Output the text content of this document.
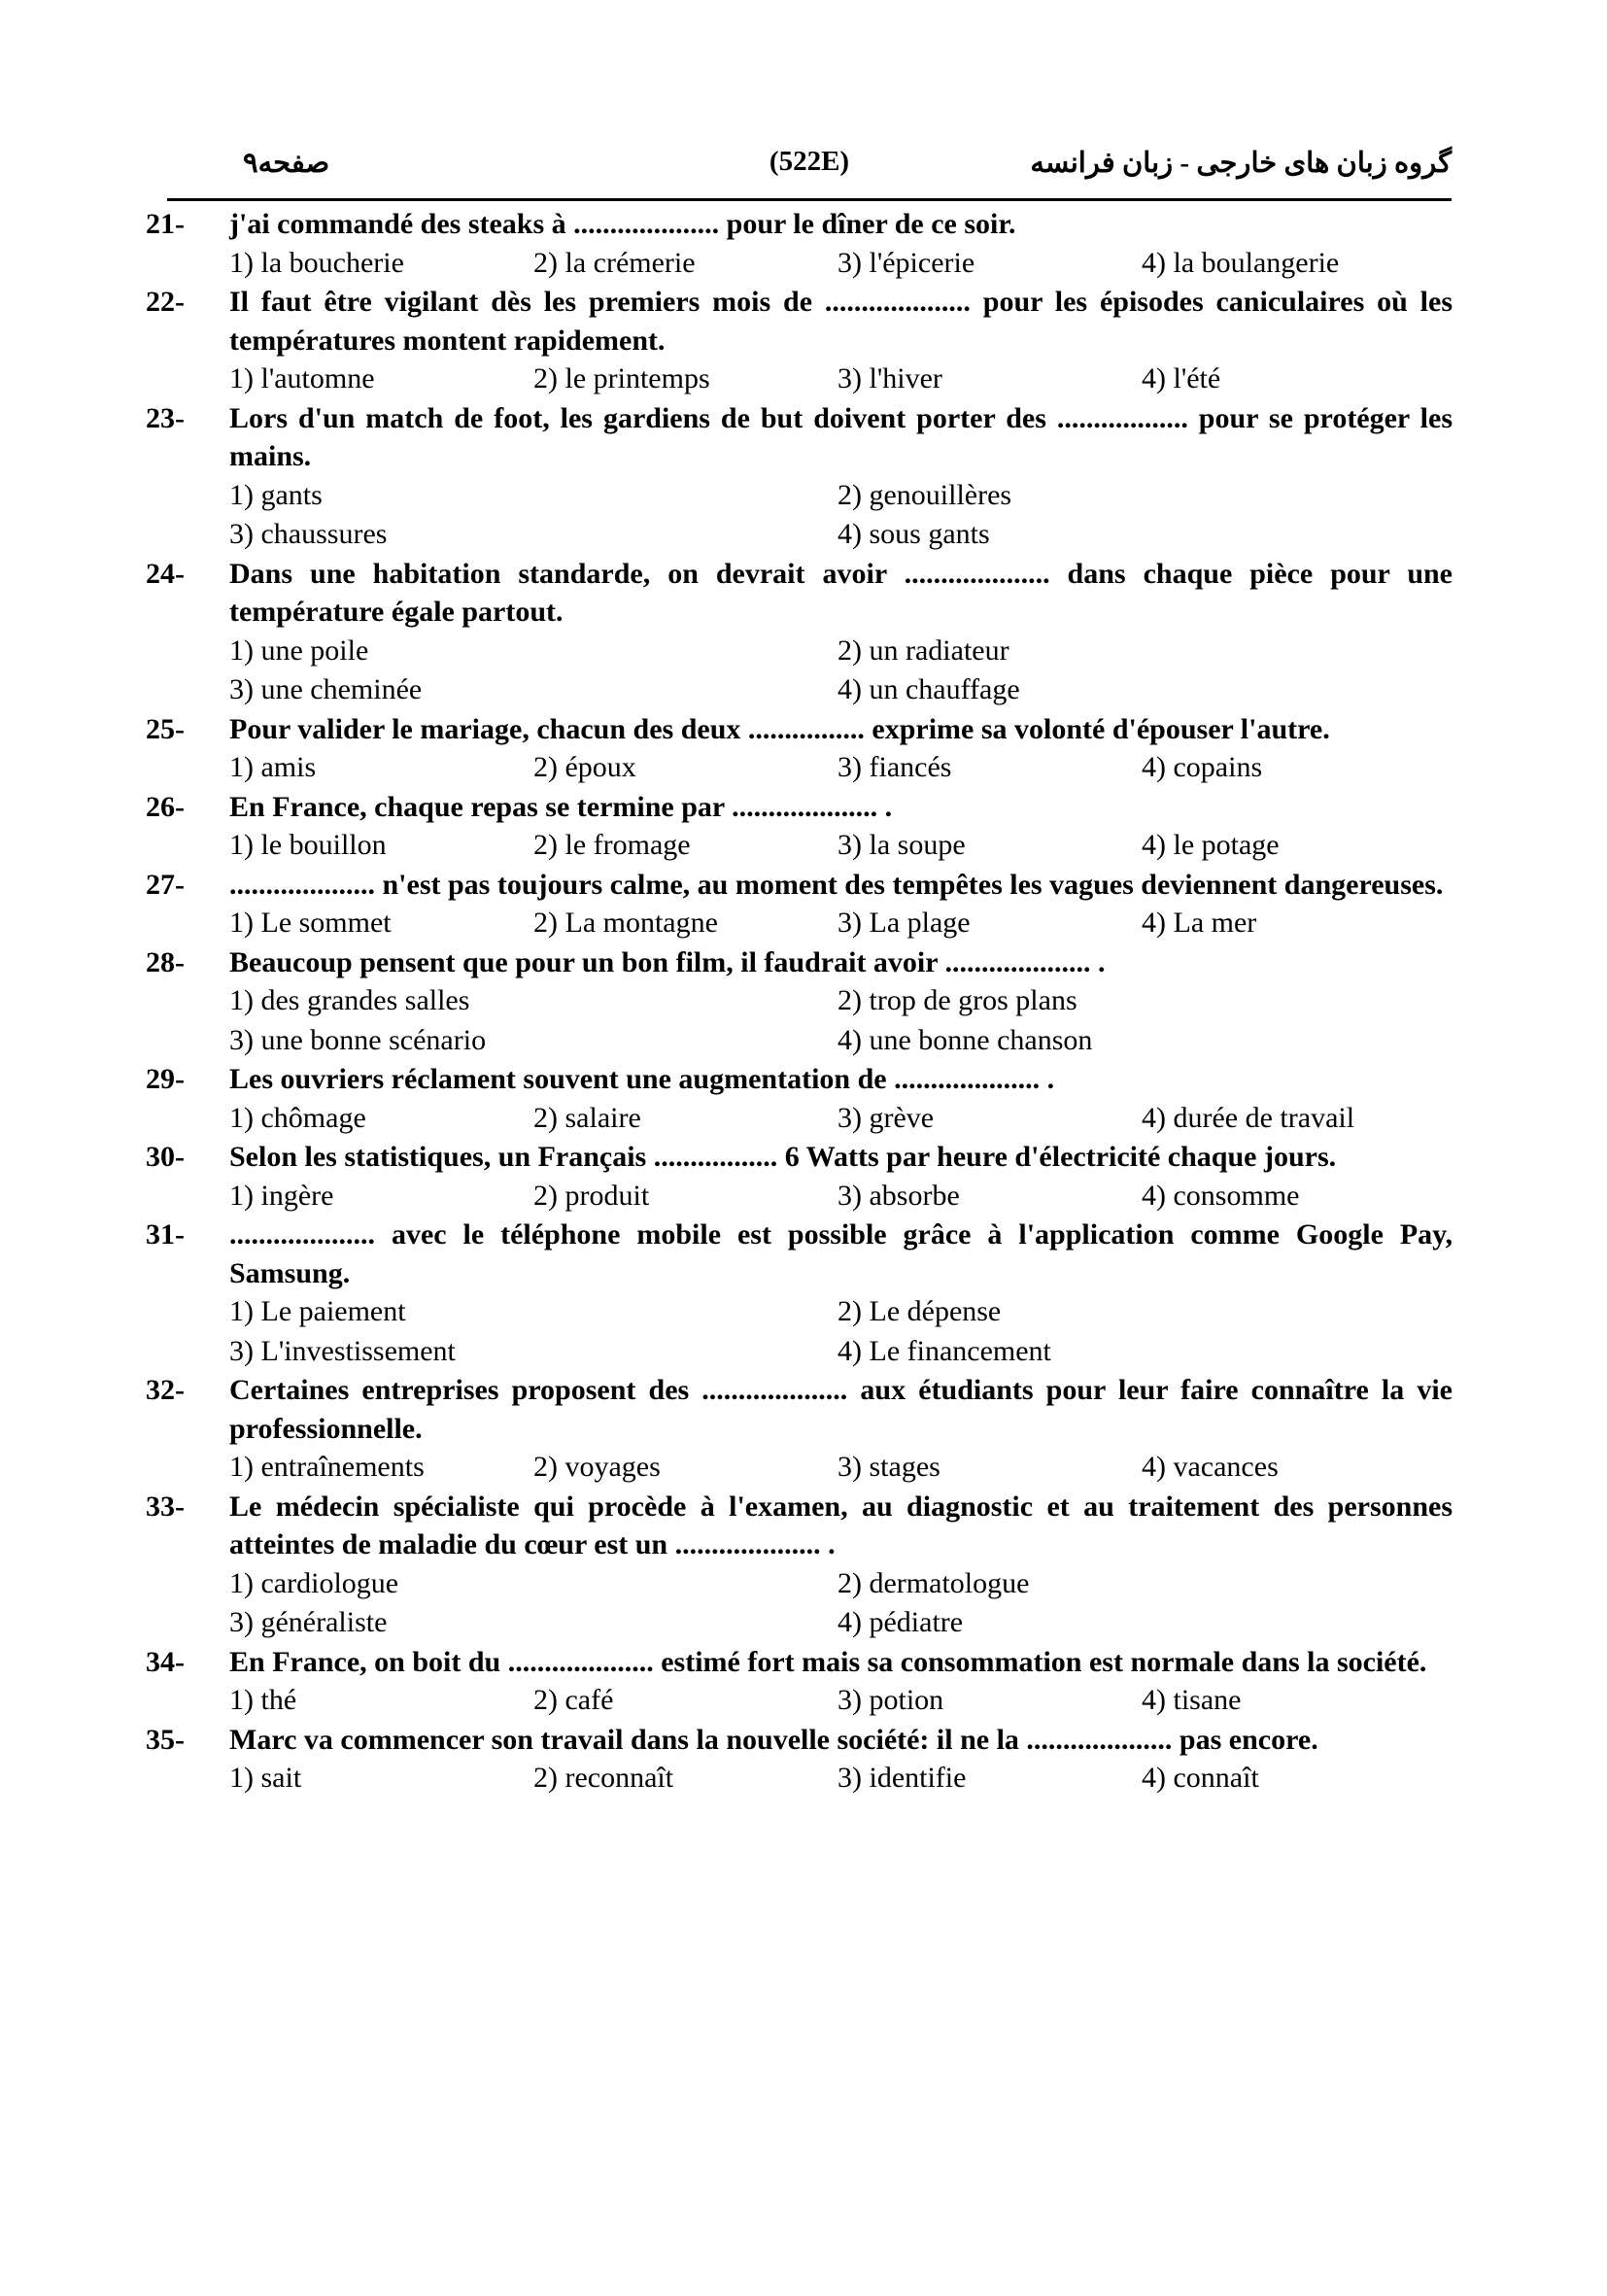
صفحه۹	(522E)	گروه زبان های خارجی - زبان فرانسه
21-	j'ai commandé des steaks à .................... pour le dîner de ce soir.
1) la boucherie	2) la crémerie	3) l'épicerie	4) la boulangerie
22-	Il faut être vigilant dès les premiers mois de .................... pour les épisodes caniculaires où les températures montent rapidement.
1) l'automne	2) le printemps	3) l'hiver	4) l'été
23-	Lors d'un match de foot, les gardiens de but doivent porter des .................. pour se protéger les mains.
1) gants	2) genouillères
3) chaussures	4) sous gants
24-	Dans une habitation standarde, on devrait avoir .................... dans chaque pièce pour une température égale partout.
1) une poile	2) un radiateur
3) une cheminée	4) un chauffage
25-	Pour valider le mariage, chacun des deux ................ exprime sa volonté d'épouser l'autre.
1) amis	2) époux	3) fiancés	4) copains
26-	En France, chaque repas se termine par .................... .
1) le bouillon	2) le fromage	3) la soupe	4) le potage
27-	.................... n'est pas toujours calme, au moment des tempêtes les vagues deviennent dangereuses.
1) Le sommet	2) La montagne	3) La plage	4) La mer
28-	Beaucoup pensent que pour un bon film, il faudrait avoir .................... .
1) des grandes salles	2) trop de gros plans
3) une bonne scénario	4) une bonne chanson
29-	Les ouvriers réclament souvent une augmentation de .................... .
1) chômage	2) salaire	3) grève	4) durée de travail
30-	Selon les statistiques, un Français ................. 6 Watts par heure d'électricité chaque jours.
1) ingère	2) produit	3) absorbe	4) consomme
31-	.................... avec le téléphone mobile est possible grâce à l'application comme Google Pay, Samsung.
1) Le paiement	2) Le dépense
3) L'investissement	4) Le financement
32-	Certaines entreprises proposent des .................... aux étudiants pour leur faire connaître la vie professionnelle.
1) entraînements	2) voyages	3) stages	4) vacances
33-	Le médecin spécialiste qui procède à l'examen, au diagnostic et au traitement des personnes atteintes de maladie du cœur est un .................... .
1) cardiologue	2) dermatologue
3) généraliste	4) pédiatre
34-	En France, on boit du .................... estimé fort mais sa consommation est normale dans la société.
1) thé	2) café	3) potion	4) tisane
35-	Marc va commencer son travail dans la nouvelle société: il ne la .................... pas encore.
1) sait	2) reconnaît	3) identifie	4) connaît
